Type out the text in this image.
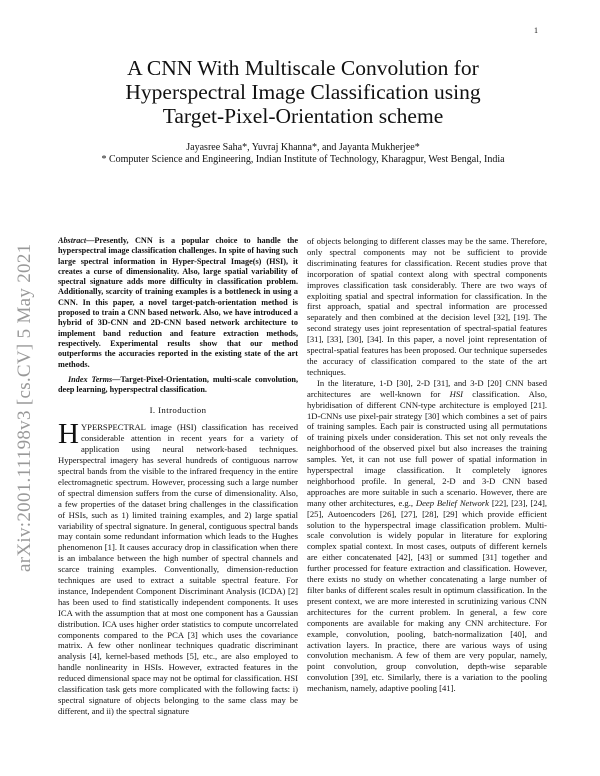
1
arXiv:2001.11198v3 [cs.CV] 5 May 2021
A CNN With Multiscale Convolution for
Hyperspectral Image Classification using
Target-Pixel-Orientation scheme
Jayasree Saha*, Yuvraj Khanna*, and Jayanta Mukherjee*
* Computer Science and Engineering, Indian Institute of Technology, Kharagpur, West Bengal, India

Abstract—Presently, CNN is a popular choice to handle the hyperspectral image classification challenges. In spite of having such large spectral information in Hyper-Spectral Image(s) (HSI), it creates a curse of dimensionality. Also, large spatial variability of spectral signature adds more difficulty in classification problem. Additionally, scarcity of training examples is a bottleneck in using a CNN. In this paper, a novel target-patch-orientation method is proposed to train a CNN based network. Also, we have introduced a hybrid of 3D-CNN and 2D-CNN based network architecture to implement band reduction and feature extraction methods, respectively. Experimental results show that our method outperforms the accuracies reported in the existing state of the art methods.

Index Terms—Target-Pixel-Orientation, multi-scale convolution, deep learning, hyperspectral classification.

I. Introduction

HYPERSPECTRAL image (HSI) classification has received considerable attention in recent years for a variety of application using neural network-based techniques. Hyperspectral imagery has several hundreds of contiguous narrow spectral bands from the visible to the infrared frequency in the entire electromagnetic spectrum. However, processing such a large number of spectral dimension suffers from the curse of dimensionality. Also, a few properties of the dataset bring challenges in the classification of HSIs, such as 1) limited training examples, and 2) large spatial variability of spectral signature. In general, contiguous spectral bands may contain some redundant information which leads to the Hughes phenomenon [1]. It causes accuracy drop in classification when there is an imbalance between the high number of spectral channels and scarce training examples. Conventionally, dimension-reduction techniques are used to extract a suitable spectral feature. For instance, Independent Component Discriminant Analysis (ICDA) [2] has been used to find statistically independent components. It uses ICA with the assumption that at most one component has a Gaussian distribution. ICA uses higher order statistics to compute uncorrelated components compared to the PCA [3] which uses the covariance matrix. A few other nonlinear techniques quadratic discriminant analysis [4], kernel-based methods [5], etc., are also employed to handle nonlinearity in HSIs. However, extracted features in the reduced dimensional space may not be optimal for classification. HSI classification task gets more complicated with the following facts: i) spectral signature of objects belonging to the same class may be different, and ii) the spectral signature

of objects belonging to different classes may be the same. Therefore, only spectral components may not be sufficient to provide discriminating features for classification. Recent studies prove that incorporation of spatial context along with spectral components improves classification task considerably. There are two ways of exploiting spatial and spectral information for classification. In the first approach, spatial and spectral information are processed separately and then combined at the decision level [32], [19]. The second strategy uses joint representation of spectral-spatial features [31], [33], [30], [34]. In this paper, a novel joint representation of spectral-spatial features has been proposed. Our technique supersedes the accuracy of classification compared to the state of the art techniques.

In the literature, 1-D [30], 2-D [31], and 3-D [20] CNN based architectures are well-known for HSI classification. Also, hybridisation of different CNN-type architecture is employed [21]. 1D-CNNs use pixel-pair strategy [30] which combines a set of pairs of training samples. Each pair is constructed using all permutations of training pixels under consideration. This set not only reveals the neighborhood of the observed pixel but also increases the training samples. Yet, it can not use full power of spatial information in hyperspectral image classification. It completely ignores neighborhood profile. In general, 2-D and 3-D CNN based approaches are more suitable in such a scenario. However, there are many other architectures, e.g., Deep Belief Network [22], [23], [24], [25], Autoencoders [26], [27], [28], [29] which provide efficient solution to the hyperspectral image classification problem. Multi-scale convolution is widely popular in literature for exploring complex spatial context. In most cases, outputs of different kernels are either concatenated [42], [43] or summed [31] together and further processed for feature extraction and classification. However, there exists no study on whether concatenating a large number of filter banks of different scales result in optimum classification. In the present context, we are more interested in scrutinizing various CNN architectures for the current problem. In general, a few core components are available for making any CNN architecture. For example, convolution, pooling, batch-normalization [40], and activation layers. In practice, there are various ways of using convolution mechanism. A few of them are very popular, namely, point convolution, group convolution, depth-wise separable convolution [39], etc. Similarly, there is a variation to the pooling mechanism, namely, adaptive pooling [41].
